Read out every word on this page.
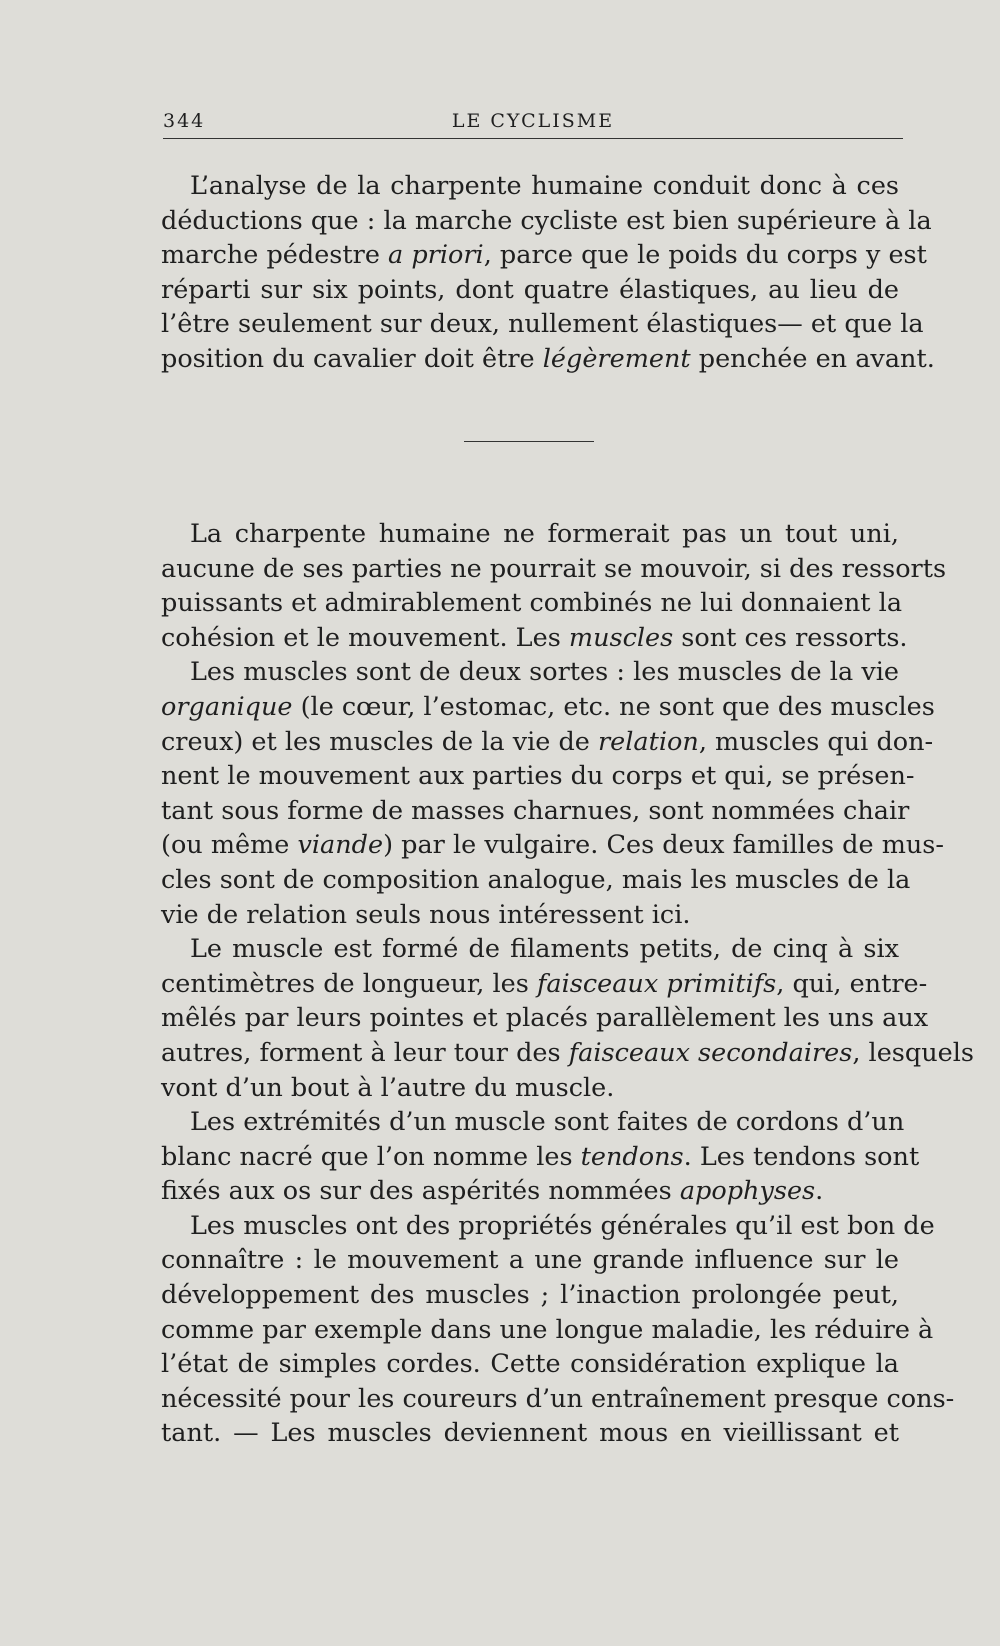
344	LE CYCLISME
L’analyse de la charpente humaine conduit donc à ces
déductions que : la marche cycliste est bien supérieure à la
marche pédestre a priori, parce que le poids du corps y est
réparti sur six points, dont quatre élastiques, au lieu de
l’être seulement sur deux, nullement élastiques— et que la
position du cavalier doit être légèrement penchée en avant.
La charpente humaine ne formerait pas un tout uni,
aucune de ses parties ne pourrait se mouvoir, si des ressorts
puissants et admirablement combinés ne lui donnaient la
cohésion et le mouvement. Les muscles sont ces ressorts.
Les muscles sont de deux sortes : les muscles de la vie
organique (le cœur, l’estomac, etc. ne sont que des muscles
creux) et les muscles de la vie de relation, muscles qui don-
nent le mouvement aux parties du corps et qui, se présen-
tant sous forme de masses charnues, sont nommées chair
(ou même viande) par le vulgaire. Ces deux familles de mus-
cles sont de composition analogue, mais les muscles de la
vie de relation seuls nous intéressent ici.
Le muscle est formé de filaments petits, de cinq à six
centimètres de longueur, les faisceaux primitifs, qui, entre-
mêlés par leurs pointes et placés parallèlement les uns aux
autres, forment à leur tour des faisceaux secondaires, lesquels
vont d’un bout à l’autre du muscle.
Les extrémités d’un muscle sont faites de cordons d’un
blanc nacré que l’on nomme les tendons. Les tendons sont
fixés aux os sur des aspérités nommées apophyses.
Les muscles ont des propriétés générales qu’il est bon de
connaître : le mouvement a une grande influence sur le
développement des muscles ; l’inaction prolongée peut,
comme par exemple dans une longue maladie, les réduire à
l’état de simples cordes. Cette considération explique la
nécessité pour les coureurs d’un entraînement presque cons-
tant. — Les muscles deviennent mous en vieillissant et
